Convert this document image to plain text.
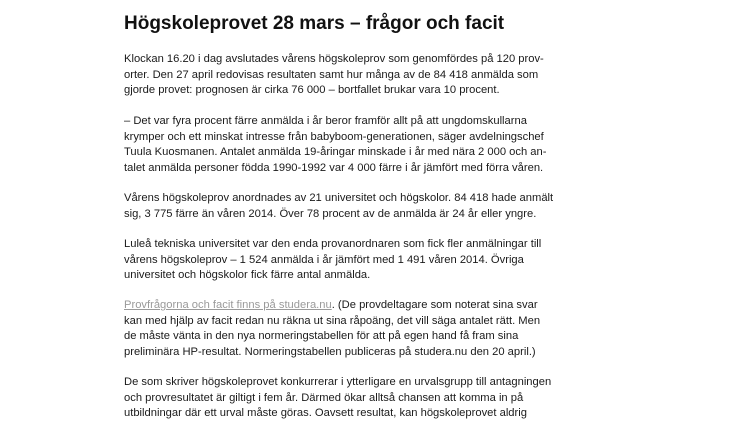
Högskoleprovet 28 mars – frågor och facit
Klockan 16.20 i dag avslutades vårens högskoleprov som genomfördes på 120 prov-
orter. Den 27 april redovisas resultaten samt hur många av de 84 418 anmälda som
gjorde provet: prognosen är cirka 76 000 – bortfallet brukar vara 10 procent.
– Det var fyra procent färre anmälda i år beror framför allt på att ungdomskullarna
krymper och ett minskat intresse från babyboom-generationen, säger avdelningschef
Tuula Kuosmanen. Antalet anmälda 19-åringar minskade i år med nära 2 000 och an-
talet anmälda personer födda 1990-1992 var 4 000 färre i år jämfört med förra våren.
Vårens högskoleprov anordnades av 21 universitet och högskolor. 84 418 hade anmält
sig, 3 775 färre än våren 2014. Över 78 procent av de anmälda är 24 år eller yngre.
Luleå tekniska universitet var den enda provanordnaren som fick fler anmälningar till
vårens högskoleprov – 1 524 anmälda i år jämfört med 1 491 våren 2014. Övriga
universitet och högskolor fick färre antal anmälda.
Provfrågorna och facit finns på studera.nu. (De provdeltagare som noterat sina svar
kan med hjälp av facit redan nu räkna ut sina råpoäng, det vill säga antalet rätt. Men
de måste vänta in den nya normeringstabellen för att på egen hand få fram sina
preliminära HP-resultat. Normeringstabellen publiceras på studera.nu den 20 april.)
De som skriver högskoleprovet konkurrerar i ytterligare en urvalsgrupp till antagningen
och provresultatet är giltigt i fem år. Därmed ökar alltså chansen att komma in på
utbildningar där ett urval måste göras. Oavsett resultat, kan högskoleprovet aldrig
